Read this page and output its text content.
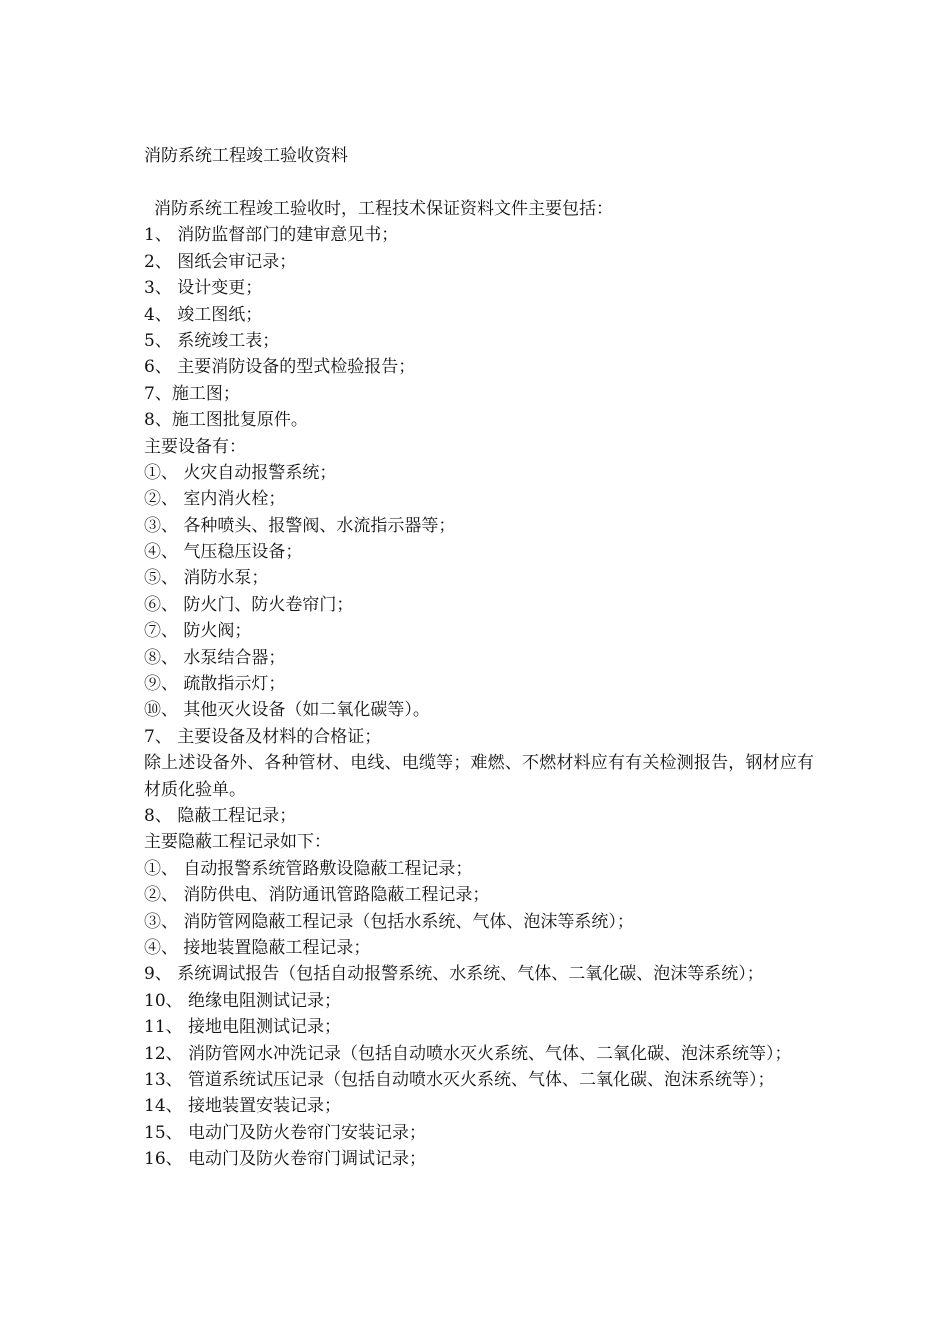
消防系统工程竣工验收资料
消防系统工程竣工验收时，工程技术保证资料文件主要包括：
1、 消防监督部门的建审意见书；
2、 图纸会审记录；
3、 设计变更；
4、 竣工图纸；
5、 系统竣工表；
6、 主要消防设备的型式检验报告；
7、施工图；
8、施工图批复原件。
主要设备有：
①、 火灾自动报警系统；
②、 室内消火栓；
③、 各种喷头、报警阀、水流指示器等；
④、 气压稳压设备；
⑤、 消防水泵；
⑥、 防火门、防火卷帘门；
⑦、 防火阀；
⑧、 水泵结合器；
⑨、 疏散指示灯；
⑩、 其他灭火设备（如二氧化碳等）。
7、 主要设备及材料的合格证；
除上述设备外、各种管材、电线、电缆等；难燃、不燃材料应有有关检测报告，钢材应有材质化验单。
8、 隐蔽工程记录；
主要隐蔽工程记录如下：
①、 自动报警系统管路敷设隐蔽工程记录；
②、 消防供电、消防通讯管路隐蔽工程记录；
③、 消防管网隐蔽工程记录（包括水系统、气体、泡沫等系统）；
④、 接地装置隐蔽工程记录；
9、 系统调试报告（包括自动报警系统、水系统、气体、二氧化碳、泡沫等系统）；
10、 绝缘电阻测试记录；
11、 接地电阻测试记录；
12、 消防管网水冲洗记录（包括自动喷水灭火系统、气体、二氧化碳、泡沫系统等）；
13、 管道系统试压记录（包括自动喷水灭火系统、气体、二氧化碳、泡沫系统等）；
14、 接地装置安装记录；
15、 电动门及防火卷帘门安装记录；
16、 电动门及防火卷帘门调试记录；
